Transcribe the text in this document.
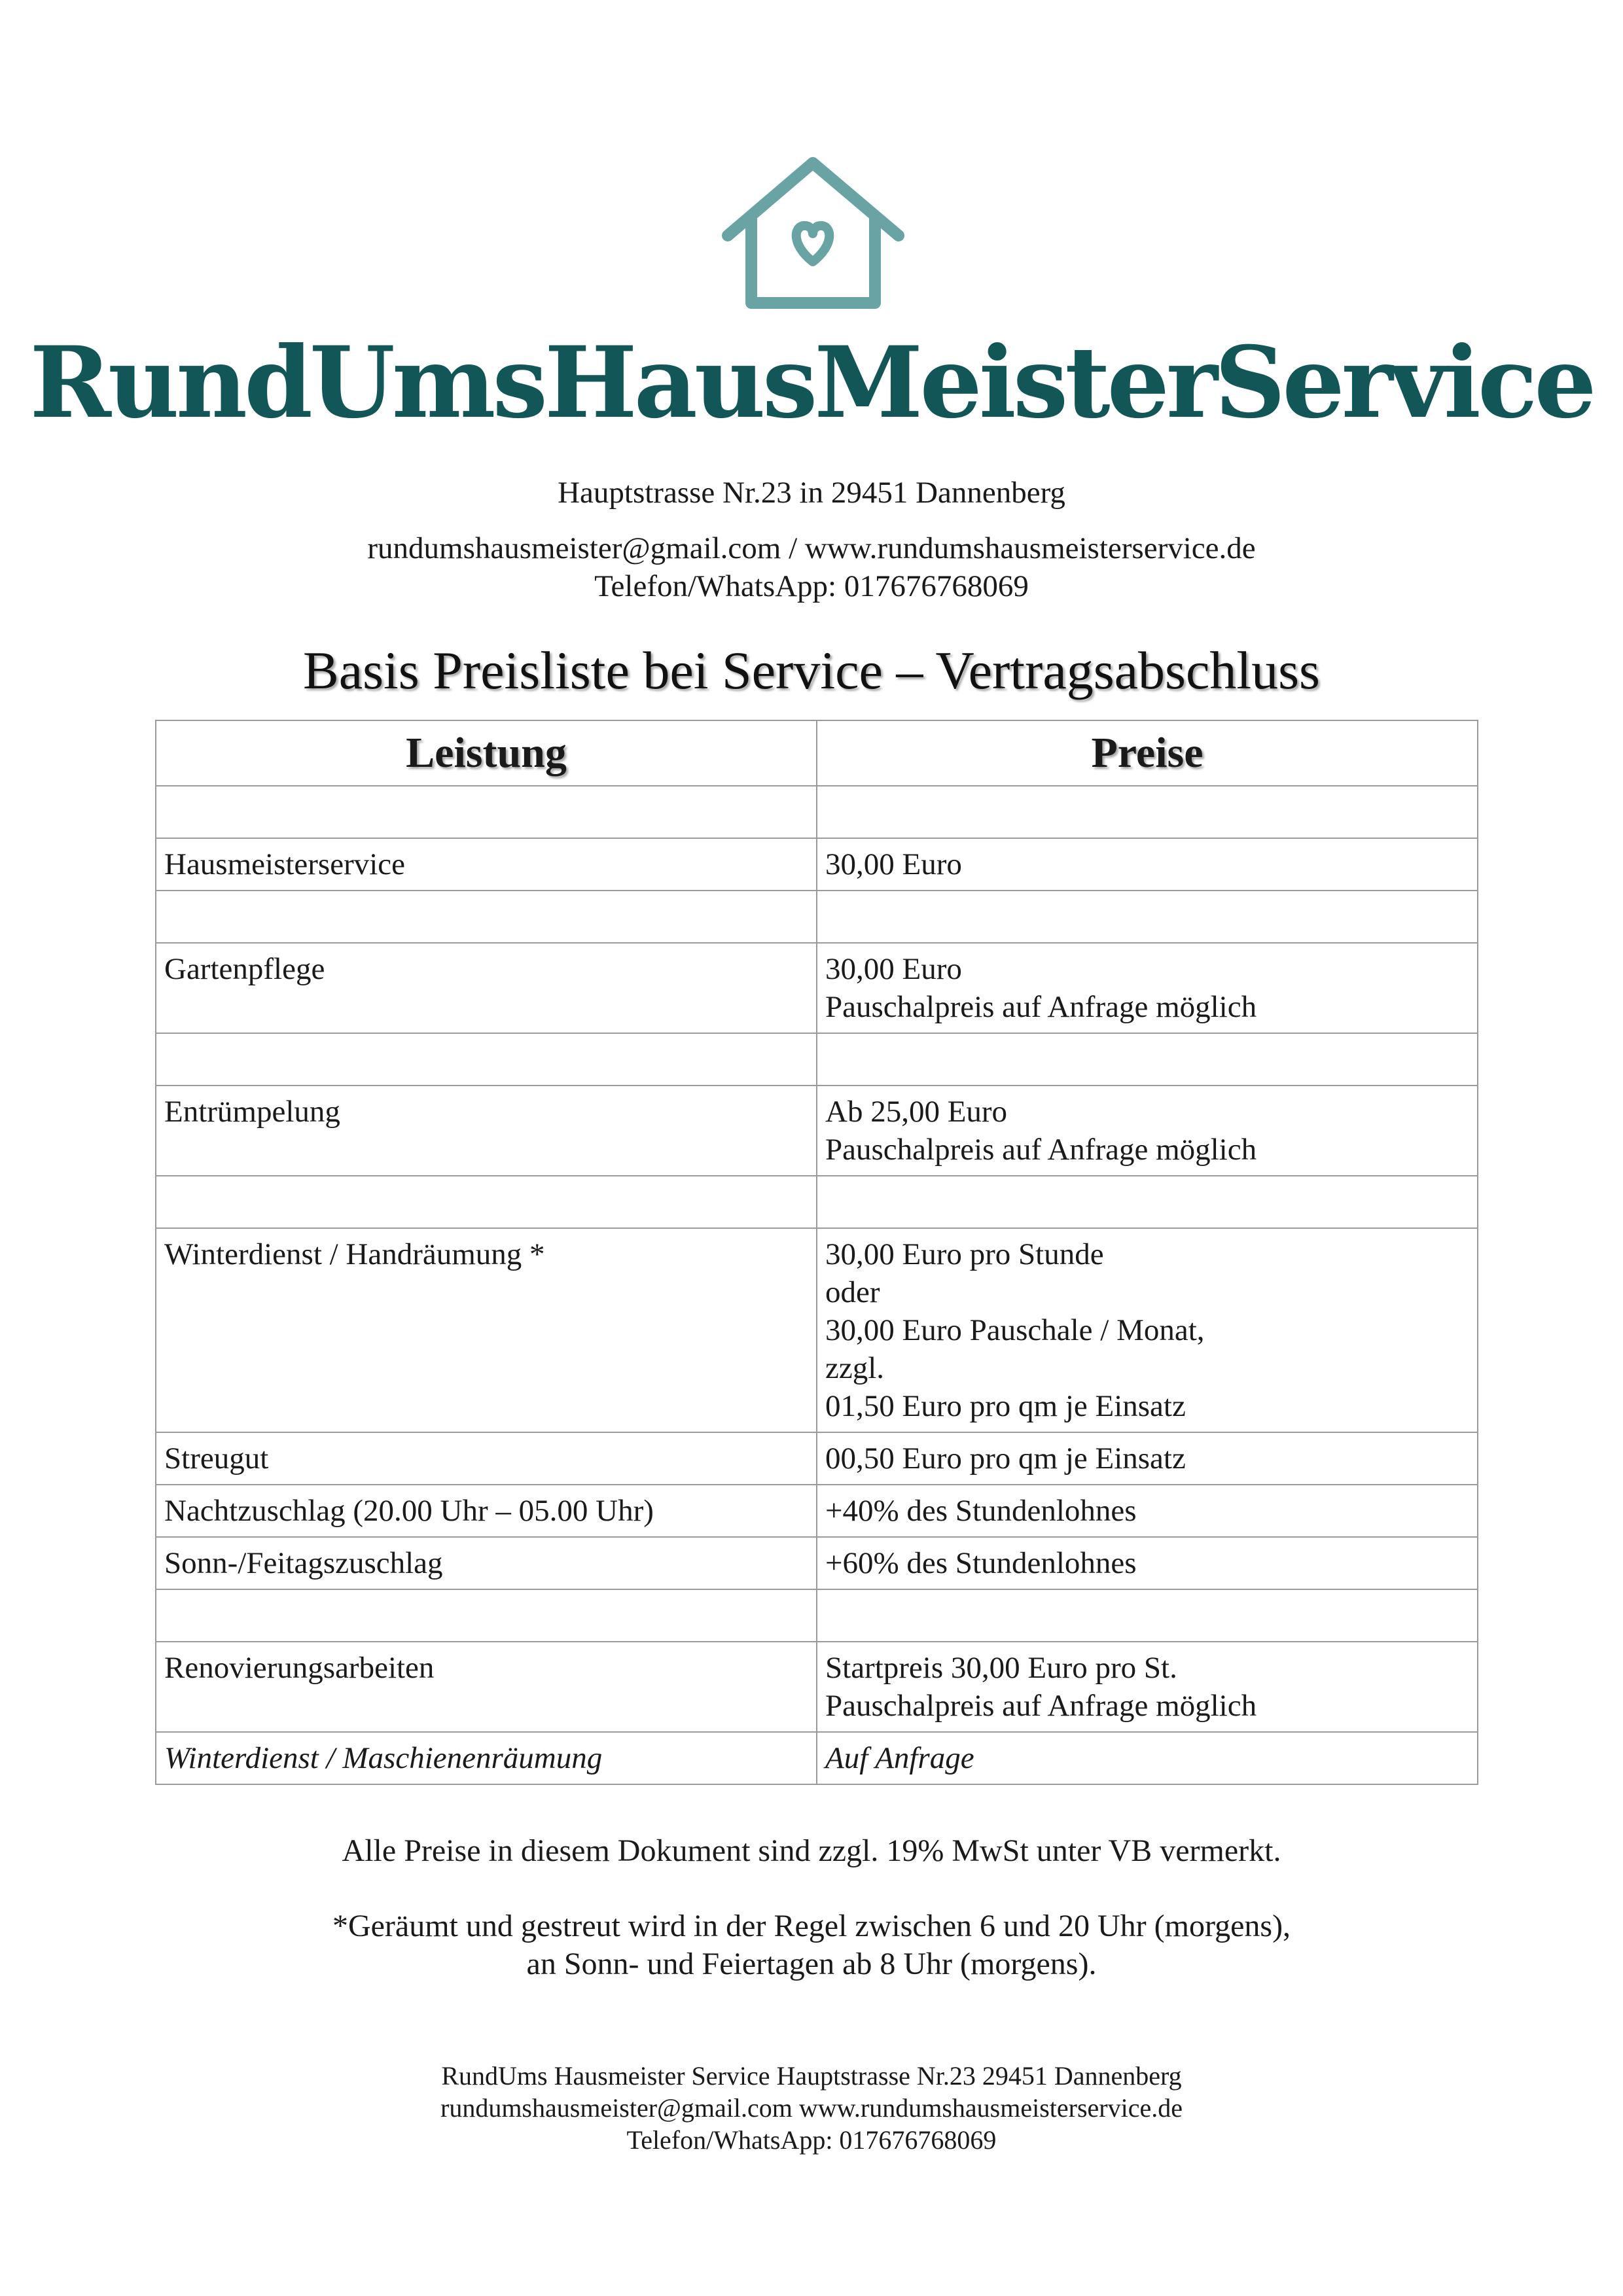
RundUmsHausMeisterService
Hauptstrasse Nr.23 in 29451 Dannenberg
rundumshausmeister@gmail.com / www.rundumshausmeisterservice.de
Telefon/WhatsApp: 017676768069
Basis Preisliste bei Service – Vertragsabschluss
Leistung	Preise

Hausmeisterservice	30,00 Euro

Gartenpflege	30,00 Euro
Pauschalpreis auf Anfrage möglich

Entrümpelung	Ab 25,00 Euro
Pauschalpreis auf Anfrage möglich

Winterdienst / Handräumung *	30,00 Euro pro Stunde
oder
30,00 Euro Pauschale / Monat,
zzgl.
01,50 Euro pro qm je Einsatz

Streugut	00,50 Euro pro qm je Einsatz

Nachtzuschlag (20.00 Uhr – 05.00 Uhr)	+40% des Stundenlohnes

Sonn-/Feitagszuschlag	+60% des Stundenlohnes

Renovierungsarbeiten	Startpreis 30,00 Euro pro St.
Pauschalpreis auf Anfrage möglich

Winterdienst / Maschienenräumung	Auf Anfrage
Alle Preise in diesem Dokument sind zzgl. 19% MwSt unter VB vermerkt.
*Geräumt und gestreut wird in der Regel zwischen 6 und 20 Uhr (morgens),
an Sonn- und Feiertagen ab 8 Uhr (morgens).
RundUms Hausmeister Service Hauptstrasse Nr.23 29451 Dannenberg
rundumshausmeister@gmail.com www.rundumshausmeisterservice.de
Telefon/WhatsApp: 017676768069
